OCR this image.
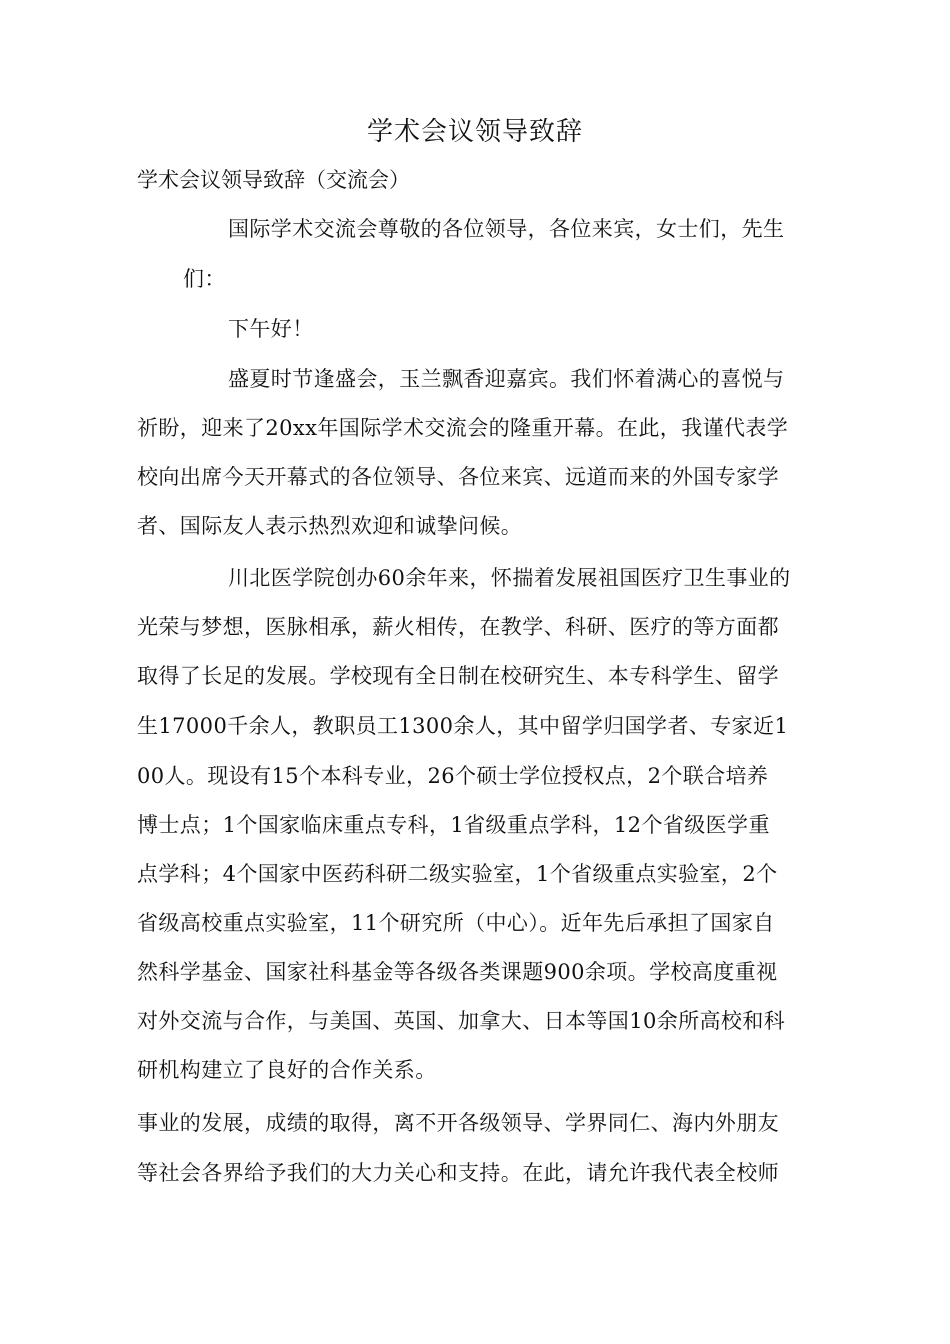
学术会议领导致辞
学术会议领导致辞（交流会）
国际学术交流会尊敬的各位领导，各位来宾，女士们，先生
们：
下午好！
盛夏时节逢盛会，玉兰飘香迎嘉宾。我们怀着满心的喜悦与
祈盼，迎来了20xx年国际学术交流会的隆重开幕。在此，我谨代表学
校向出席今天开幕式的各位领导、各位来宾、远道而来的外国专家学
者、国际友人表示热烈欢迎和诚挚问候。
川北医学院创办60余年来，怀揣着发展祖国医疗卫生事业的
光荣与梦想，医脉相承，薪火相传，在教学、科研、医疗的等方面都
取得了长足的发展。学校现有全日制在校研究生、本专科学生、留学
生17000千余人，教职员工1300余人，其中留学归国学者、专家近1
00人。现设有15个本科专业，26个硕士学位授权点，2个联合培养
博士点；1个国家临床重点专科，1省级重点学科，12个省级医学重
点学科；4个国家中医药科研二级实验室，1个省级重点实验室，2个
省级高校重点实验室，11个研究所（中心）。近年先后承担了国家自
然科学基金、国家社科基金等各级各类课题900余项。学校高度重视
对外交流与合作，与美国、英国、加拿大、日本等国10余所高校和科
研机构建立了良好的合作关系。
事业的发展，成绩的取得，离不开各级领导、学界同仁、海内外朋友
等社会各界给予我们的大力关心和支持。在此，请允许我代表全校师
